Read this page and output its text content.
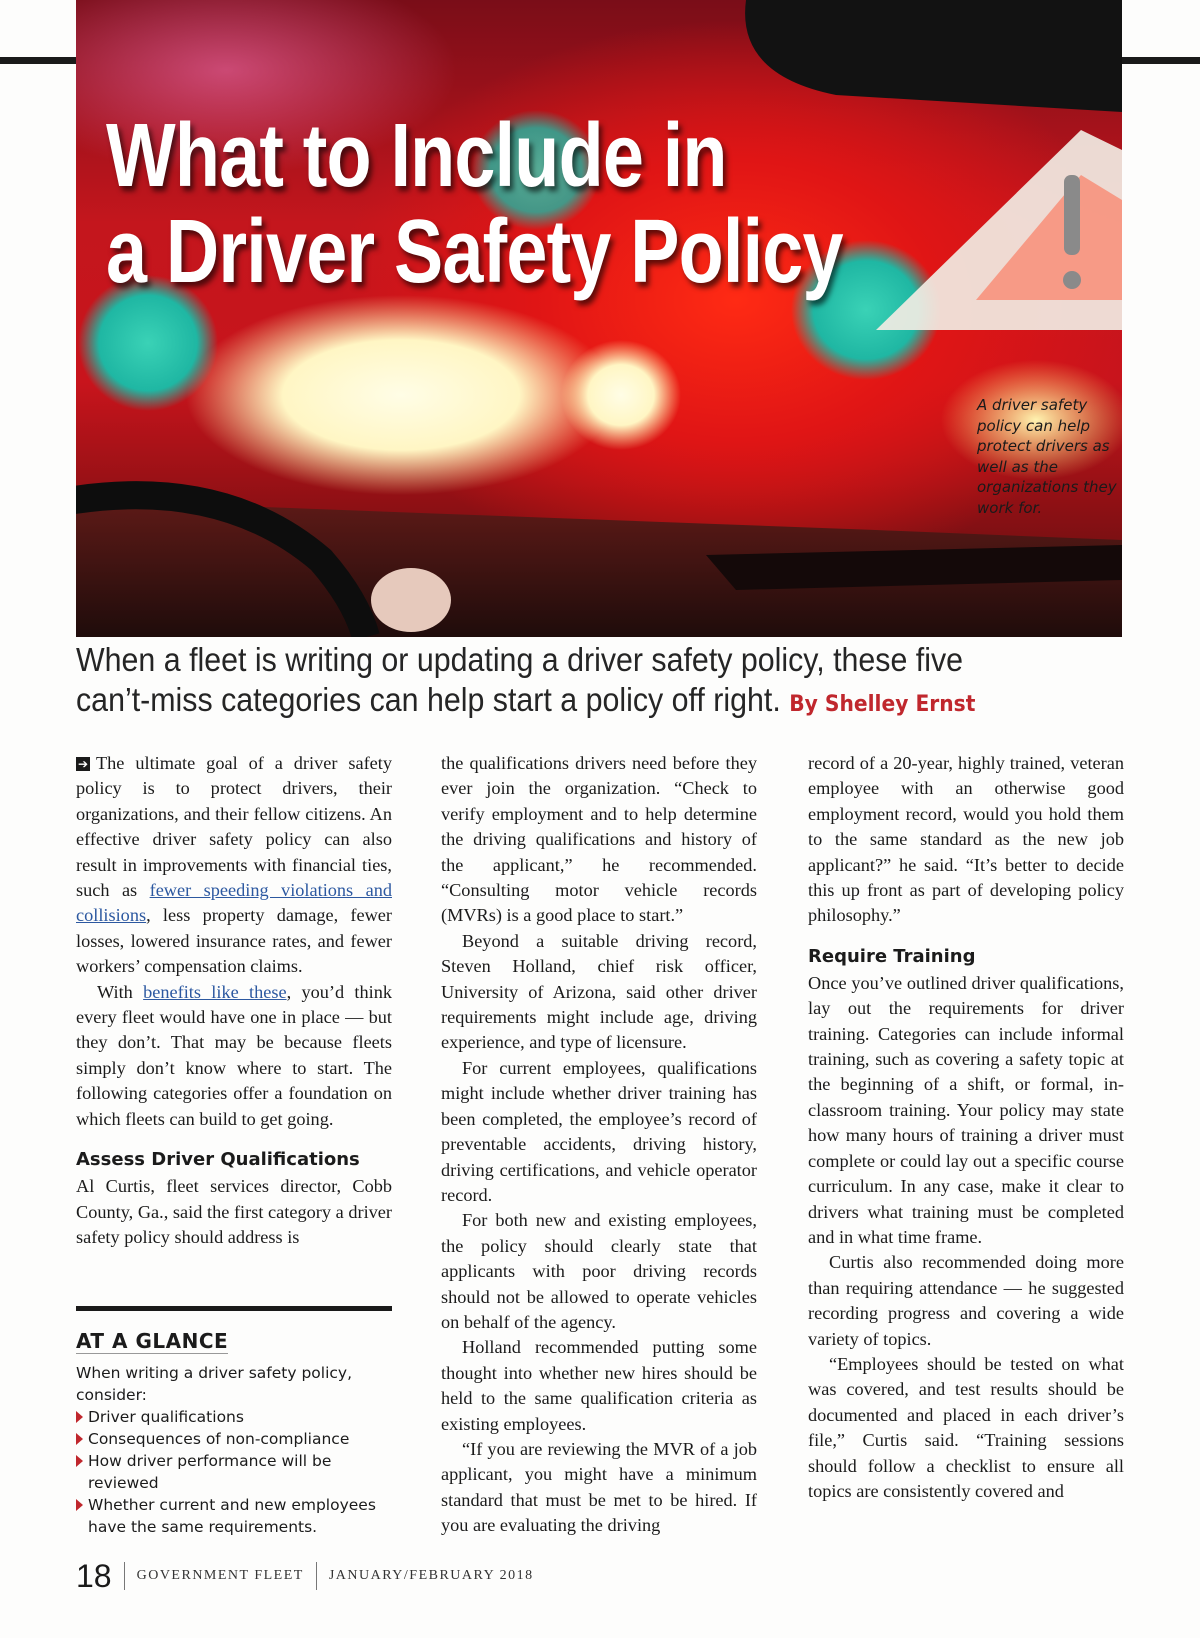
What to Include in
a Driver Safety Policy

A driver safety policy can help protect drivers as well as the organizations they work for.

When a fleet is writing or updating a driver safety policy, these five can’t-miss categories can help start a policy off right. By Shelley Ernst

➔ The ultimate goal of a driver safety policy is to protect drivers, their organizations, and their fellow citizens. An effective driver safety policy can also result in improvements with financial ties, such as fewer speeding violations and collisions, less property damage, fewer losses, lowered insurance rates, and fewer workers’ compensation claims.

With benefits like these, you’d think every fleet would have one in place — but they don’t. That may be because fleets simply don’t know where to start. The following categories offer a foundation on which fleets can build to get going.

Assess Driver Qualifications

Al Curtis, fleet services director, Cobb County, Ga., said the first category a driver safety policy should address is

the qualifications drivers need before they ever join the organization. “Check to verify employment and to help determine the driving qualifications and history of the applicant,” he recommended. “Consulting motor vehicle records (MVRs) is a good place to start.”

Beyond a suitable driving record, Steven Holland, chief risk officer, University of Arizona, said other driver requirements might include age, driving experience, and type of licensure.

For current employees, qualifications might include whether driver training has been completed, the employee’s record of preventable accidents, driving history, driving certifications, and vehicle operator record.

For both new and existing employees, the policy should clearly state that applicants with poor driving records should not be allowed to operate vehicles on behalf of the agency.

Holland recommended putting some thought into whether new hires should be held to the same qualification criteria as existing employees.

“If you are reviewing the MVR of a job applicant, you might have a minimum standard that must be met to be hired. If you are evaluating the driving

record of a 20-year, highly trained, veteran employee with an otherwise good employment record, would you hold them to the same standard as the new job applicant?” he said. “It’s better to decide this up front as part of developing policy philosophy.”

Require Training

Once you’ve outlined driver qualifications, lay out the requirements for driver training. Categories can include informal training, such as covering a safety topic at the beginning of a shift, or formal, in-classroom training. Your policy may state how many hours of training a driver must complete or could lay out a specific course curriculum. In any case, make it clear to drivers what training must be completed and in what time frame.

Curtis also recommended doing more than requiring attendance — he suggested recording progress and covering a wide variety of topics.

“Employees should be tested on what was covered, and test results should be documented and placed in each driver’s file,” Curtis said. “Training sessions should follow a checklist to ensure all topics are consistently covered and

AT A GLANCE

When writing a driver safety policy, consider:

Driver qualifications
Consequences of non-compliance
How driver performance will be reviewed
Whether current and new employees have the same requirements.
18 GOVERNMENT FLEET JANUARY/FEBRUARY 2018
